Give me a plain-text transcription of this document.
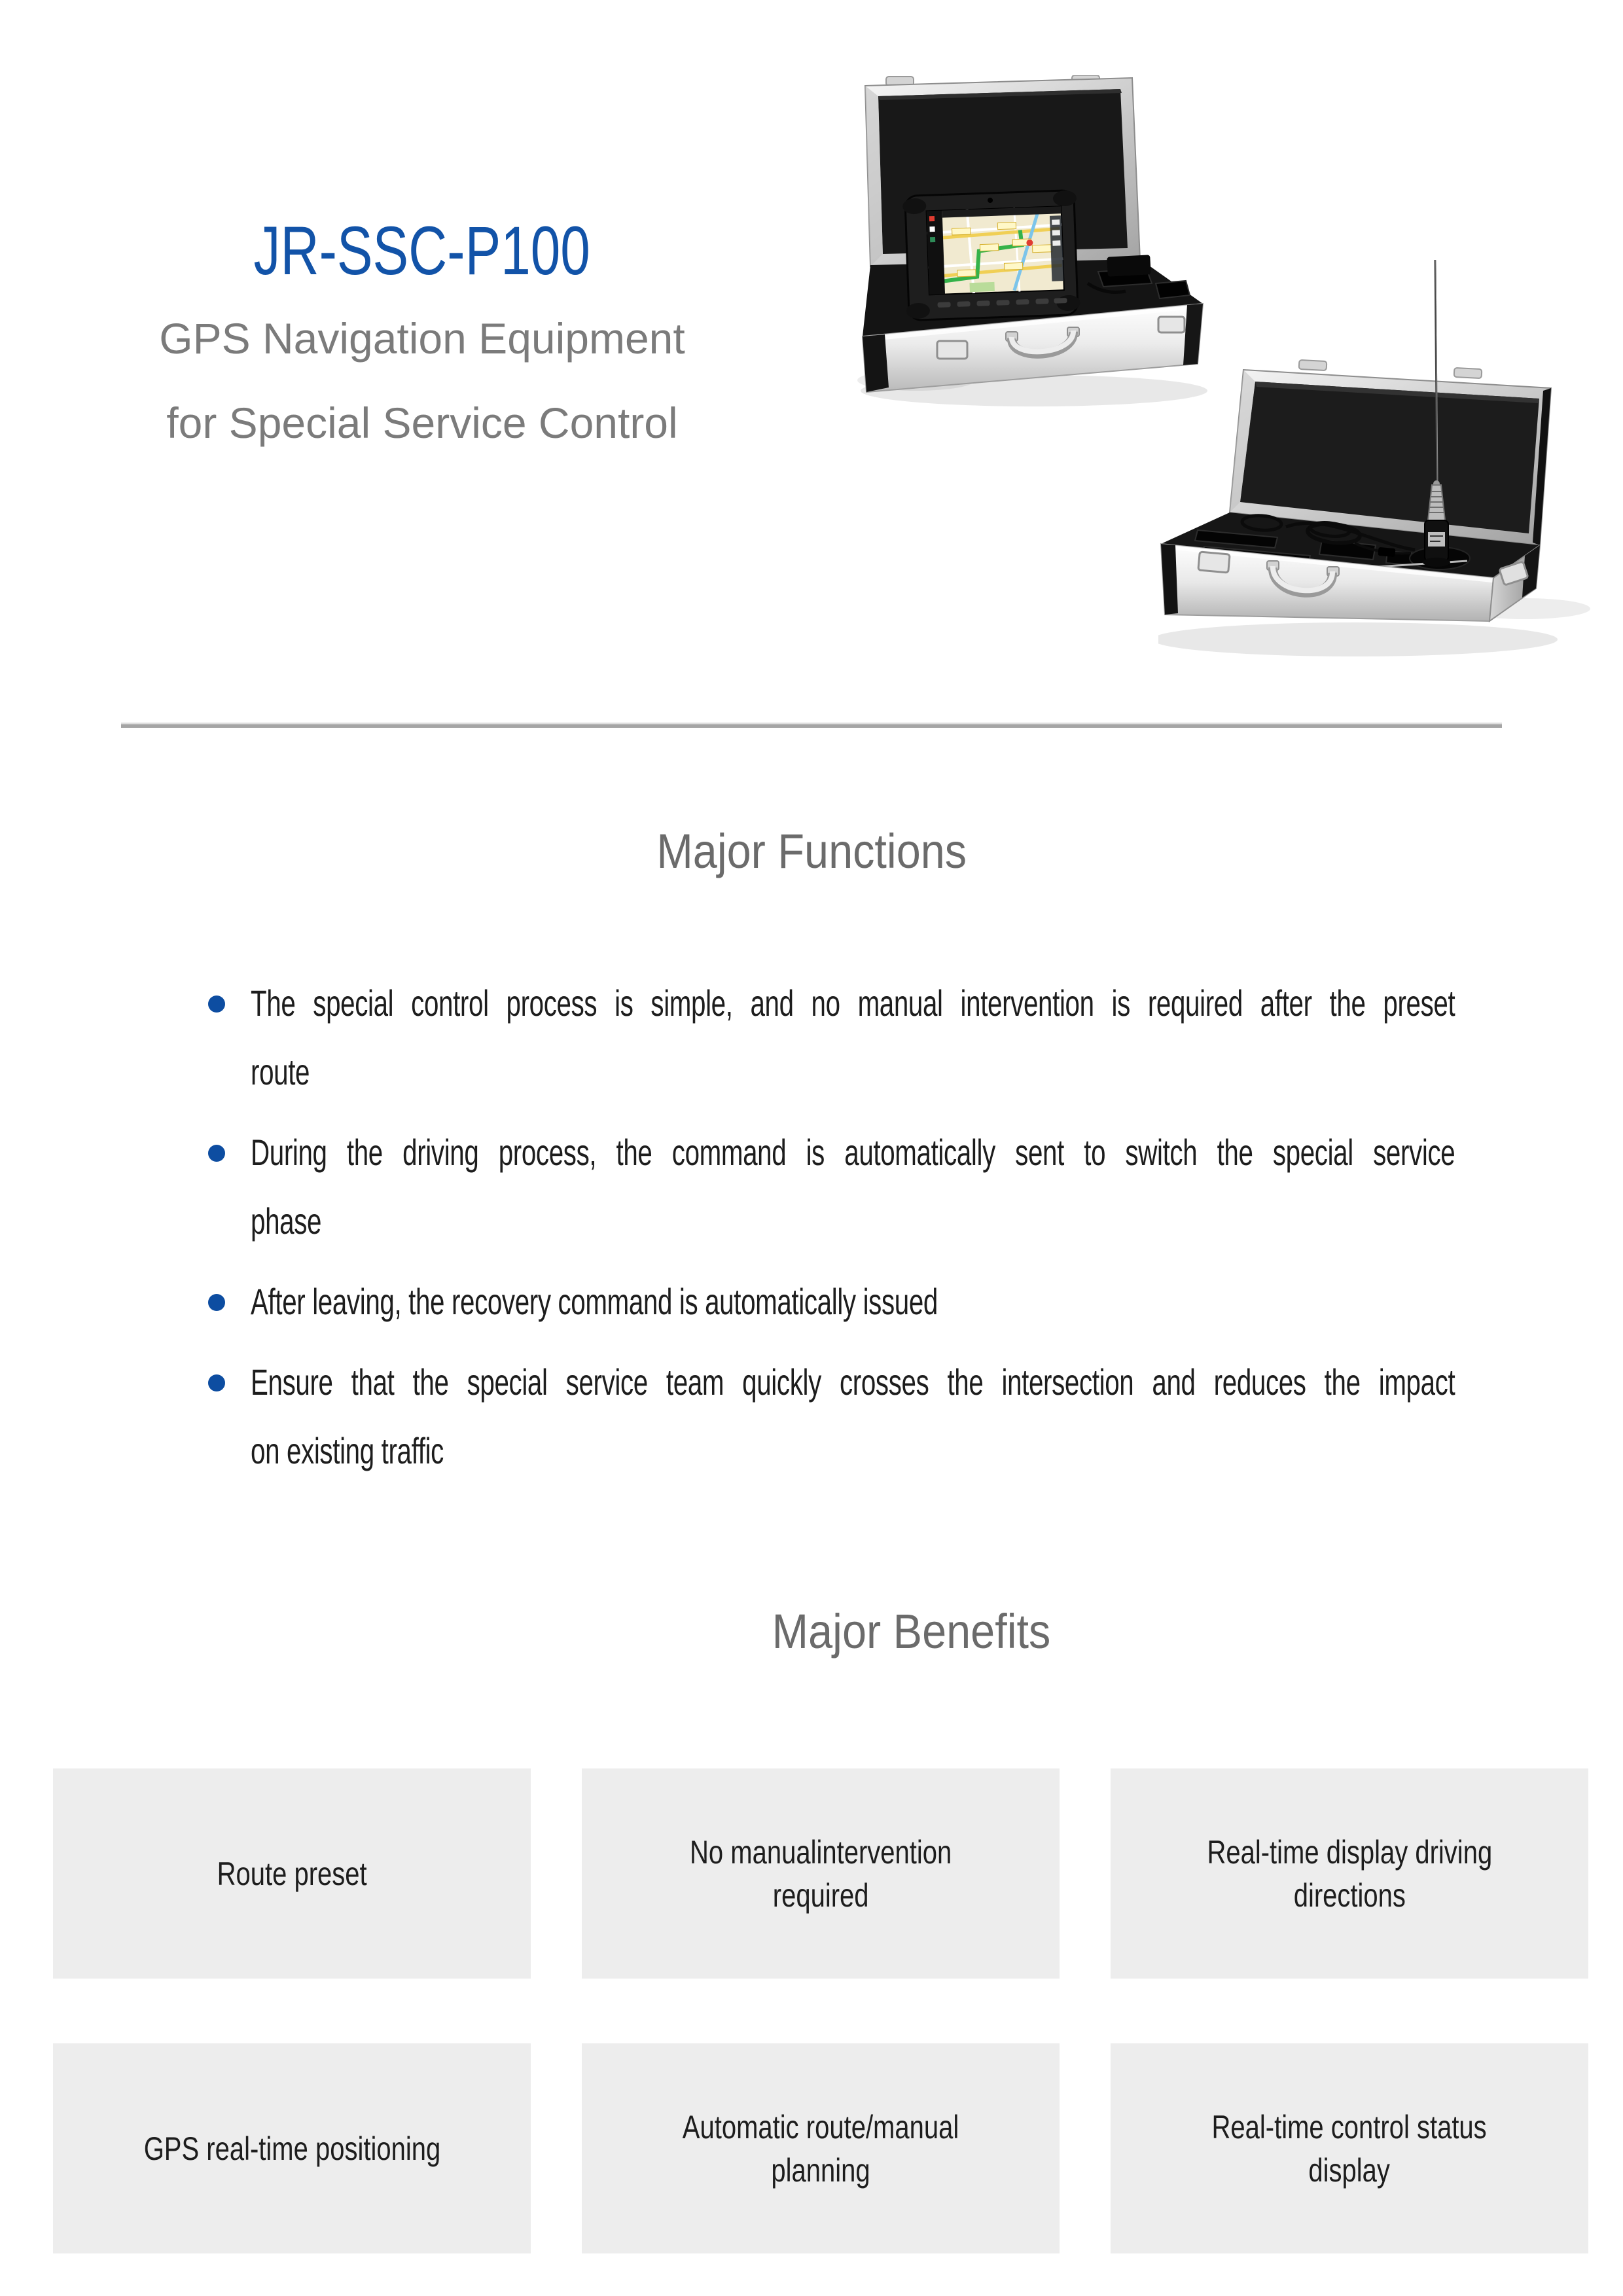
JR-SSC-P100
GPS Navigation Equipment
for Special Service Control
Major Functions
The special control process is simple, and no manual intervention is required after the preset
route
During the driving process, the command is automatically sent to switch the special service
phase
After leaving, the recovery command is automatically issued
Ensure that the special service team quickly crosses the intersection and reduces the impact
on existing traffic
Major Benefits
Route preset
No manualintervention
required
Real-time display driving
directions
GPS real-time positioning
Automatic route/manual
planning
Real-time control status
display
